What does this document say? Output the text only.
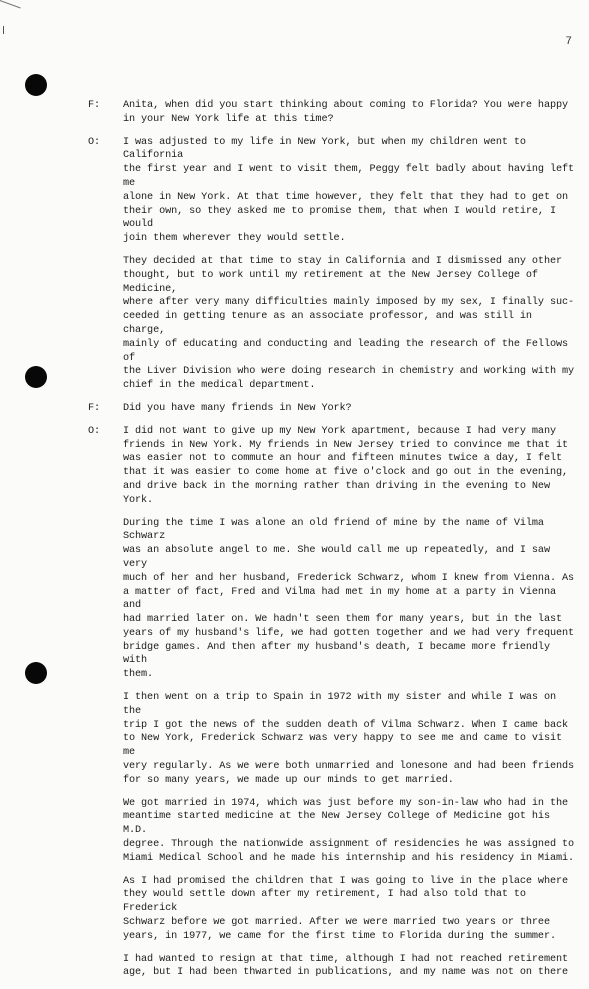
7
F:	Anita, when did you start thinking about coming to Florida? You were happy
in your New York life at this time?

O:	I was adjusted to my life in New York, but when my children went to California
the first year and I went to visit them, Peggy felt badly about having left me
alone in New York. At that time however, they felt that they had to get on
their own, so they asked me to promise them, that when I would retire, I would
join them wherever they would settle.

They decided at that time to stay in California and I dismissed any other
thought, but to work until my retirement at the New Jersey College of Medicine,
where after very many difficulties mainly imposed by my sex, I finally suc-
ceeded in getting tenure as an associate professor, and was still in charge,
mainly of educating and conducting and leading the research of the Fellows of
the Liver Division who were doing research in chemistry and working with my
chief in the medical department.

F:	Did you have many friends in New York?

O:	I did not want to give up my New York apartment, because I had very many
friends in New York. My friends in New Jersey tried to convince me that it
was easier not to commute an hour and fifteen minutes twice a day, I felt
that it was easier to come home at five o'clock and go out in the evening,
and drive back in the morning rather than driving in the evening to New York.

During the time I was alone an old friend of mine by the name of Vilma Schwarz
was an absolute angel to me. She would call me up repeatedly, and I saw very
much of her and her husband, Frederick Schwarz, whom I knew from Vienna. As
a matter of fact, Fred and Vilma had met in my home at a party in Vienna and
had married later on. We hadn't seen them for many years, but in the last
years of my husband's life, we had gotten together and we had very frequent
bridge games. And then after my husband's death, I became more friendly with
them.

I then went on a trip to Spain in 1972 with my sister and while I was on the
trip I got the news of the sudden death of Vilma Schwarz. When I came back
to New York, Frederick Schwarz was very happy to see me and came to visit me
very regularly. As we were both unmarried and lonesone and had been friends
for so many years, we made up our minds to get married.

We got married in 1974, which was just before my son-in-law who had in the
meantime started medicine at the New Jersey College of Medicine got his M.D.
degree. Through the nationwide assignment of residencies he was assigned to
Miami Medical School and he made his internship and his residency in Miami.

As I had promised the children that I was going to live in the place where
they would settle down after my retirement, I had also told that to Frederick
Schwarz before we got married. After we were married two years or three
years, in 1977, we came for the first time to Florida during the summer.

I had wanted to resign at that time, although I had not reached retirement
age, but I had been thwarted in publications, and my name was not on there
